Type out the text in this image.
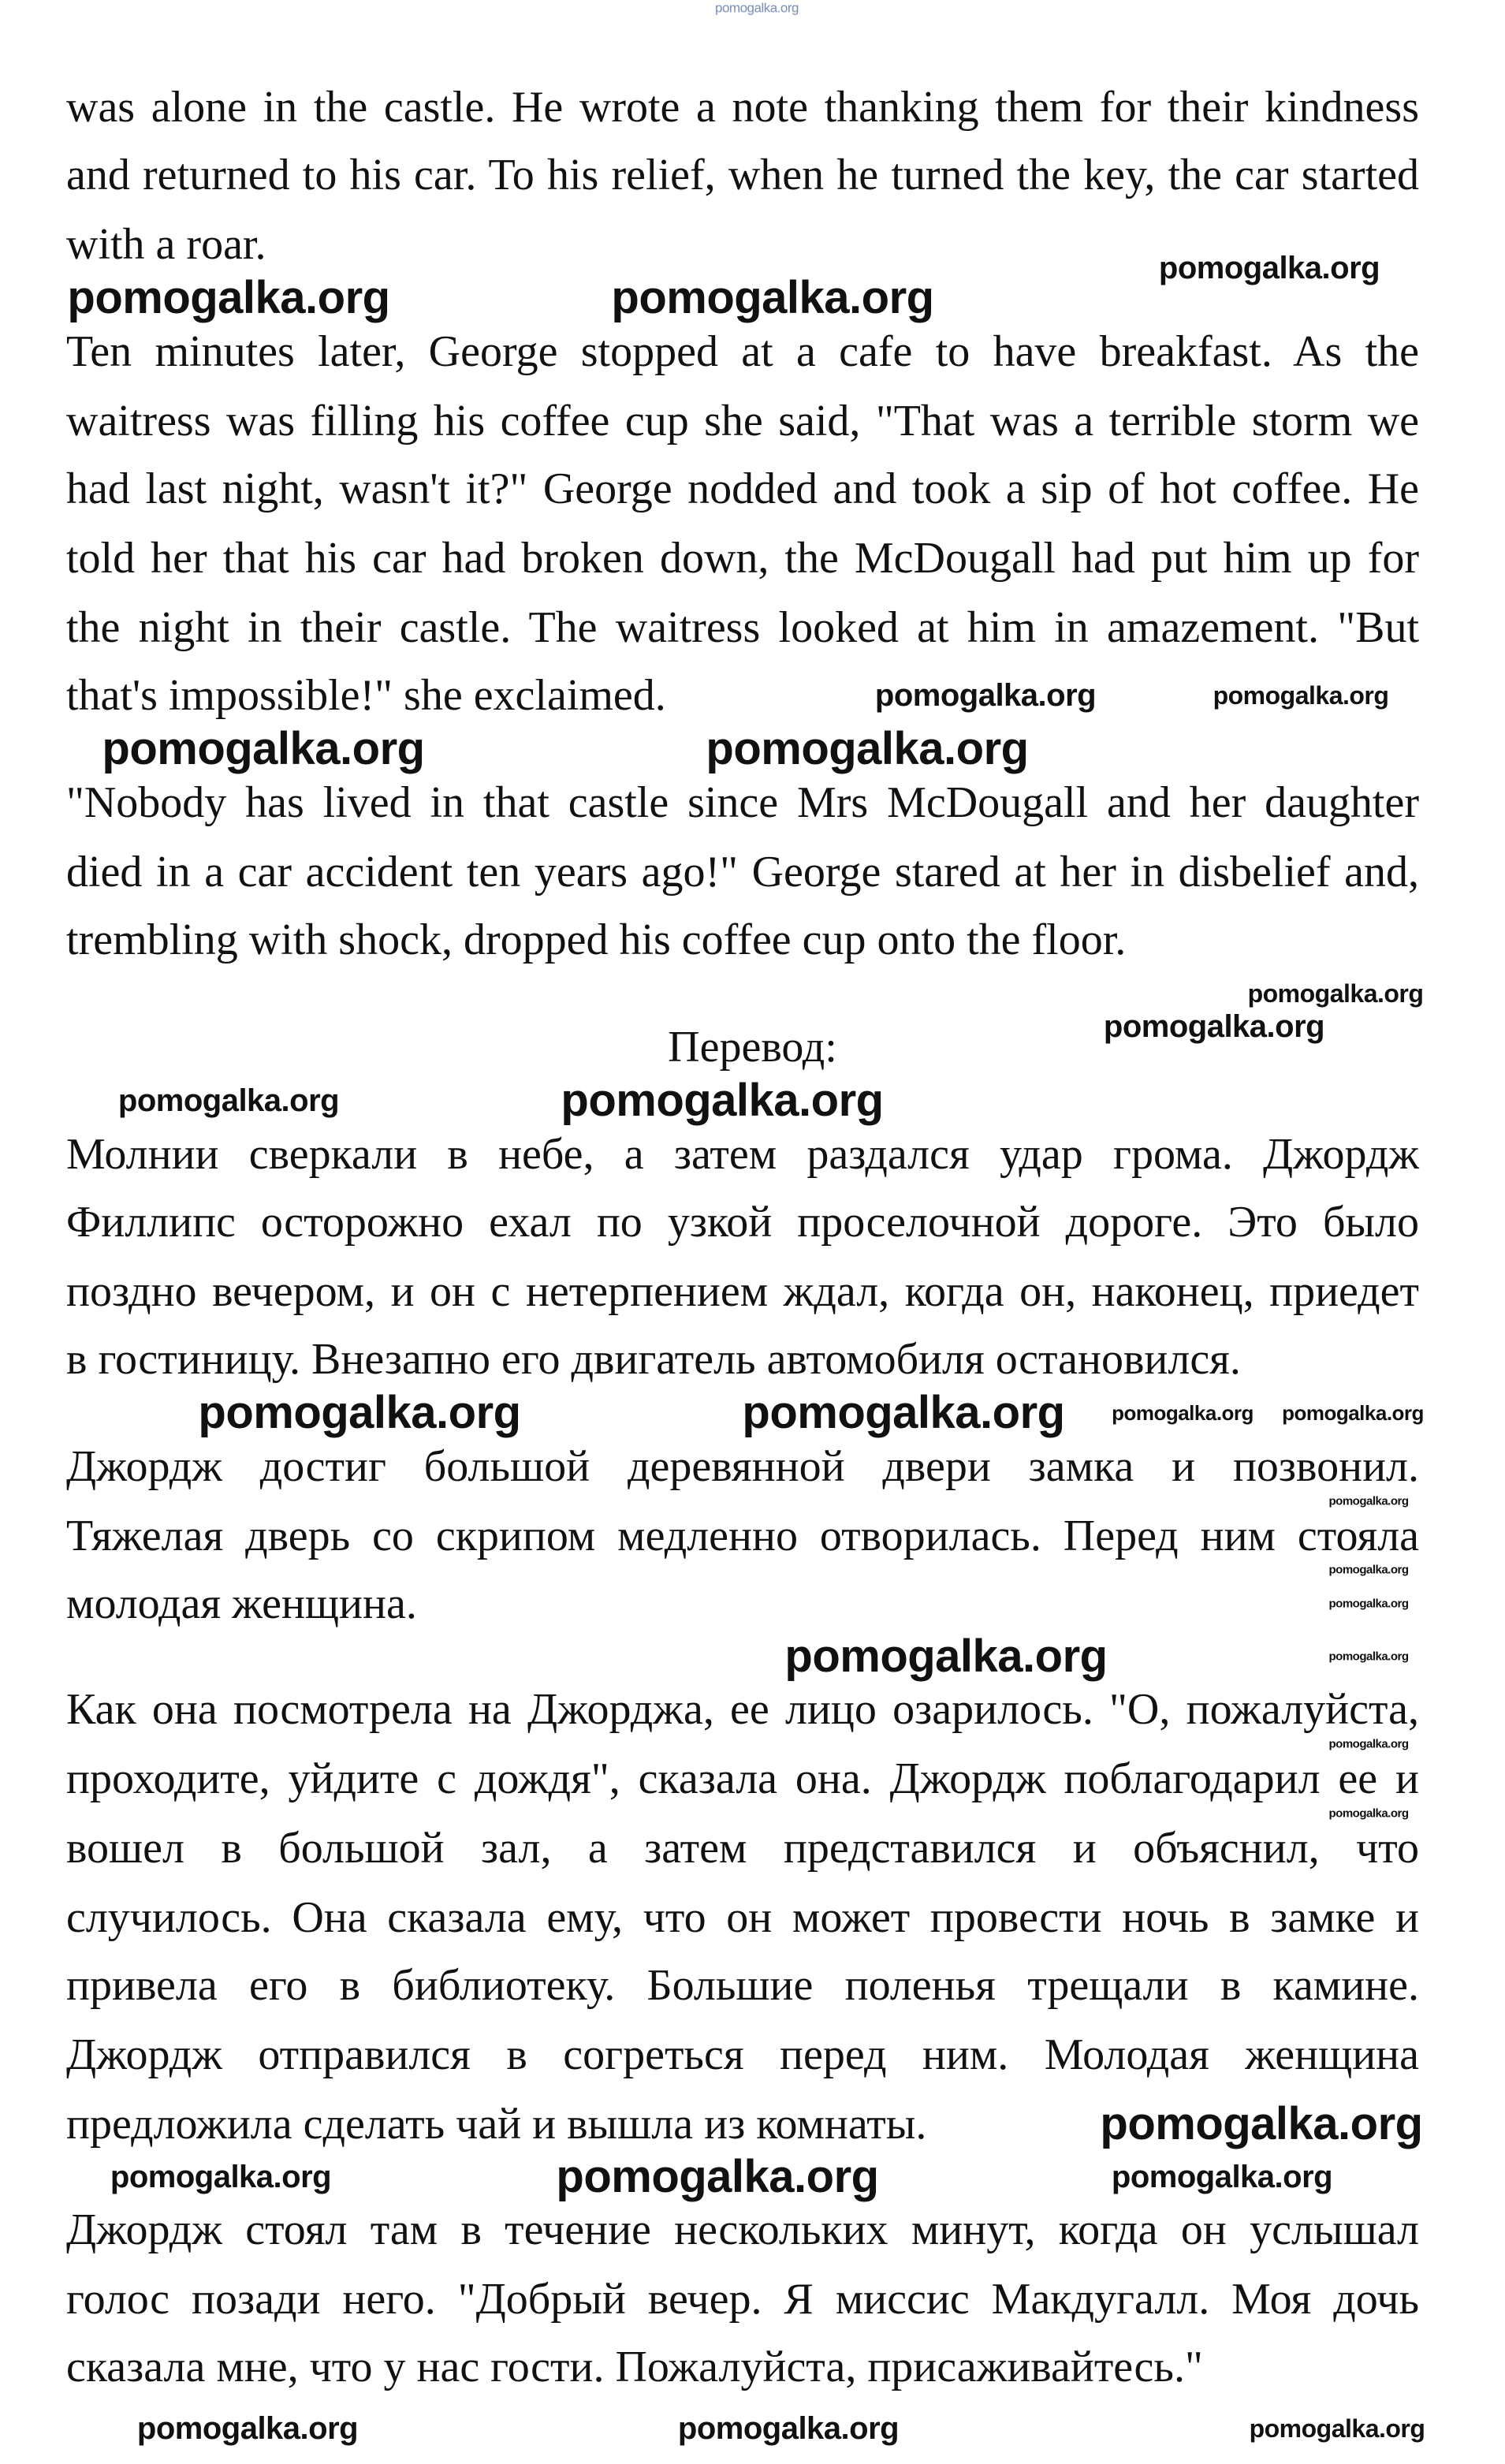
Перевод:
was alone in the castle. He wrote a note thanking them for their kindness
and returned to his car. To his relief, when he turned the key, the car started
with a roar.
Ten minutes later, George stopped at a cafe to have breakfast. As the
waitress was filling his coffee cup she said, "That was a terrible storm we
had last night, wasn't it?" George nodded and took a sip of hot coffee. He
told her that his car had broken down, the McDougall had put him up for
the night in their castle. The waitress looked at him in amazement. "But
that's impossible!" she exclaimed.
"Nobody has lived in that castle since Mrs McDougall and her daughter
died in a car accident ten years ago!" George stared at her in disbelief and,
trembling with shock, dropped his coffee cup onto the floor.
Молнии сверкали в небе, а затем раздался удар грома. Джордж
Филлипс осторожно ехал по узкой проселочной дороге. Это было
поздно вечером, и он с нетерпением ждал, когда он, наконец, приедет
в гостиницу. Внезапно его двигатель автомобиля остановился.
Джордж достиг большой деревянной двери замка и позвонил.
Тяжелая дверь со скрипом медленно отворилась. Перед ним стояла
молодая женщина.
Как она посмотрела на Джорджа, ее лицо озарилось. "О, пожалуйста,
проходите, уйдите с дождя", сказала она. Джордж поблагодарил ее и
вошел в большой зал, а затем представился и объяснил, что
случилось. Она сказала ему, что он может провести ночь в замке и
привела его в библиотеку. Большие поленья трещали в камине.
Джордж отправился в согреться перед ним. Молодая женщина
предложила сделать чай и вышла из комнаты.
Джордж стоял там в течение нескольких минут, когда он услышал
голос позади него. "Добрый вечер. Я миссис Макдугалл. Моя дочь
сказала мне, что у нас гости. Пожалуйста, присаживайтесь."
pomogalka.org
pomogalka.org
pomogalka.org	pomogalka.org
pomogalka.org	pomogalka.org
pomogalka.org	pomogalka.org
pomogalka.org
pomogalka.org
pomogalka.org	pomogalka.org
pomogalka.org	pomogalka.org pomogalka.org pomogalka.org
pomogalka.org
pomogalka.org
pomogalka.org
pomogalka.org	pomogalka.org
pomogalka.org
pomogalka.org
pomogalka.org
pomogalka.org	pomogalka.org	pomogalka.org
pomogalka.org	pomogalka.org	pomogalka.org
